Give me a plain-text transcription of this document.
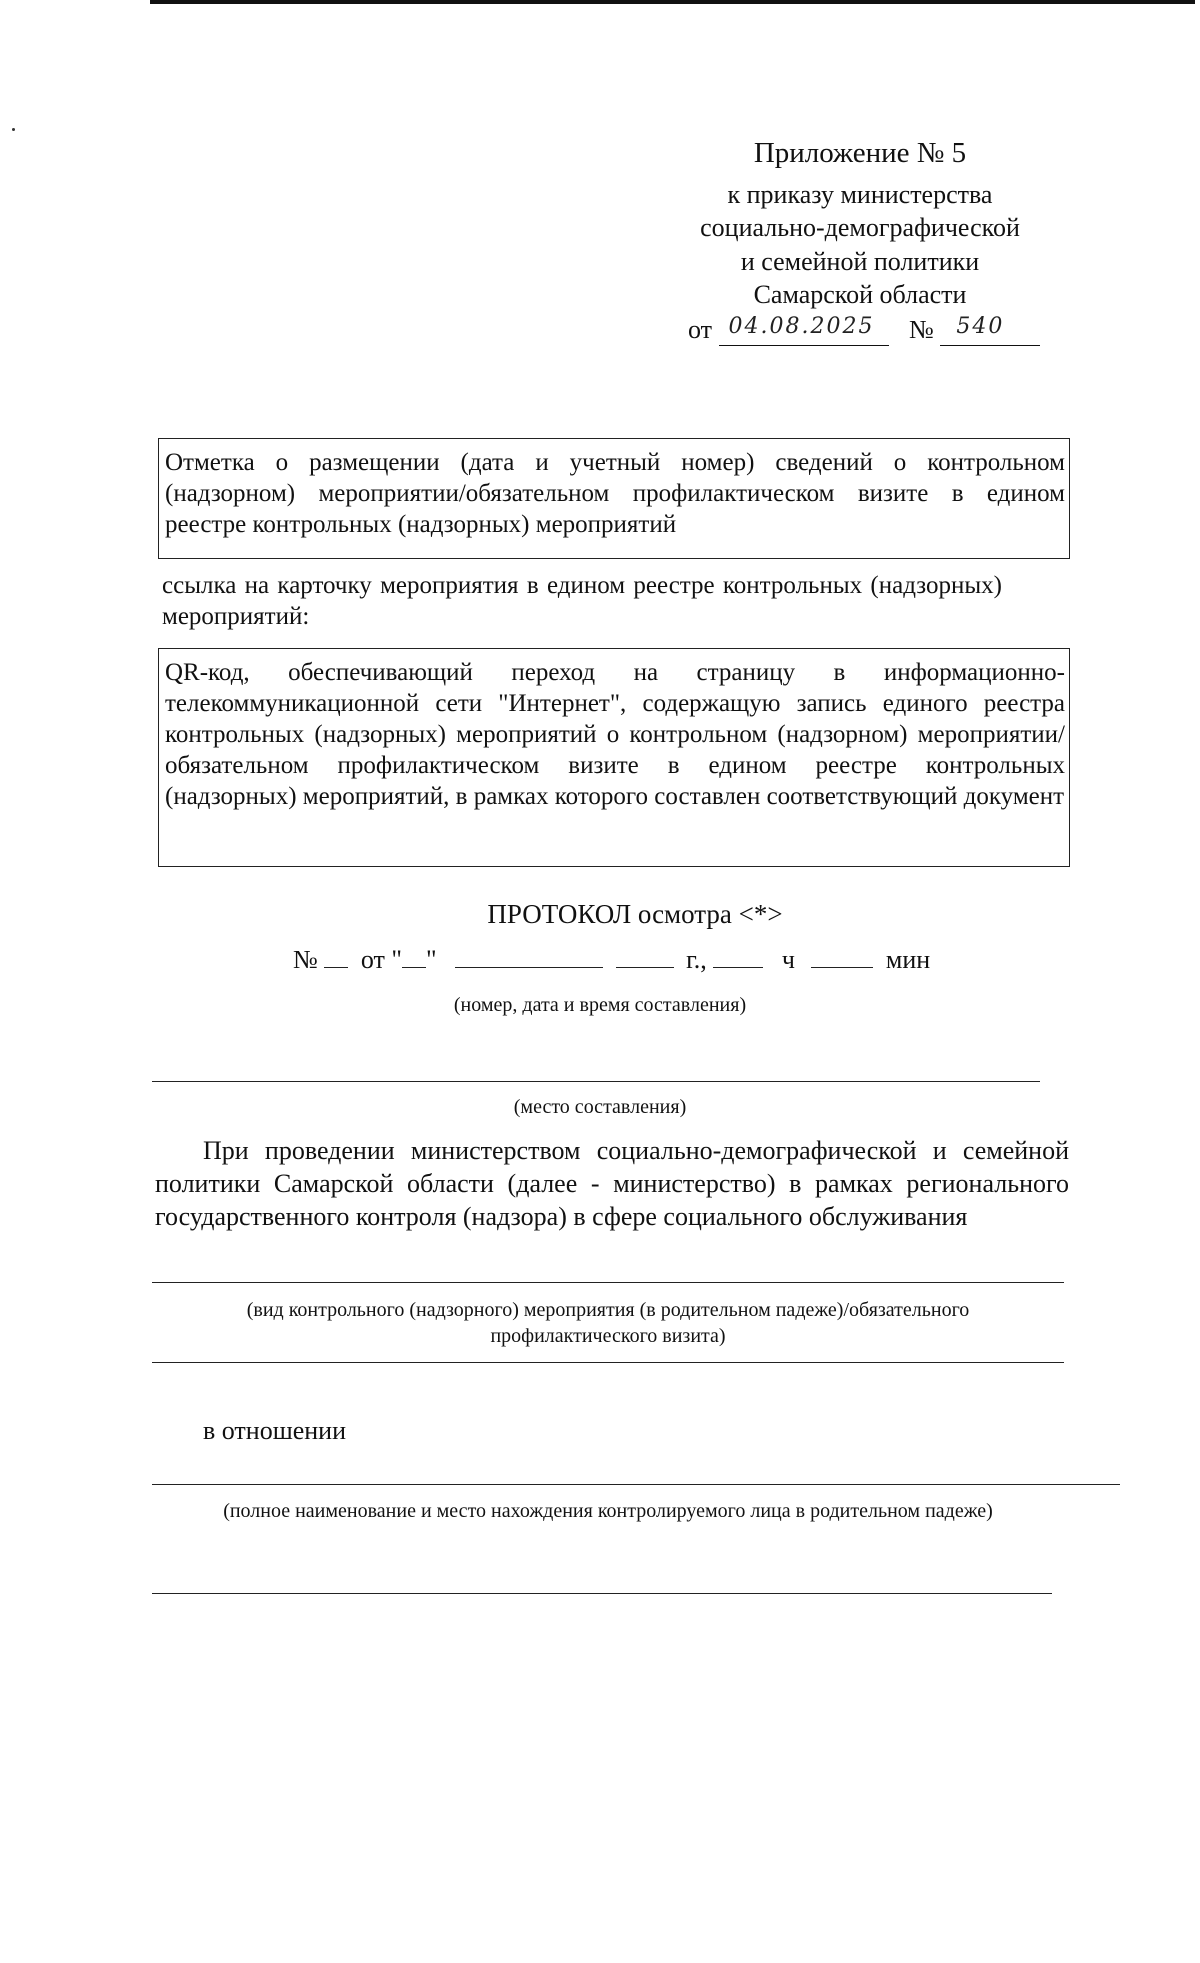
Приложение № 5
к приказу министерства
социально-демографической
и семейной политики
Самарской области
от 04.08.2025 № 540

Отметка о размещении (дата и учетный номер) сведений о контрольном (надзорном) мероприятии/обязательном профилактическом визите в едином реестре контрольных (надзорных) мероприятий

ссылка на карточку мероприятия в едином реестре контрольных (надзорных) мероприятий:

QR-код, обеспечивающий переход на страницу в информационно-телекоммуникационной сети "Интернет", содержащую запись единого реестра контрольных (надзорных) мероприятий о контрольном (надзорном) мероприятии/обязательном профилактическом визите в едином реестре контрольных (надзорных) мероприятий, в рамках которого составлен соответствующий документ

ПРОТОКОЛ осмотра <*>
№ от " "	г.,	ч	мин
(номер, дата и время составления)
(место составления)
При проведении министерством социально-демографической и семейной политики Самарской области (далее - министерство) в рамках регионального государственного контроля (надзора) в сфере социального обслуживания
(вид контрольного (надзорного) мероприятия (в родительном падеже)/обязательного
профилактического визита)
в отношении
(полное наименование и место нахождения контролируемого лица в родительном падеже)
